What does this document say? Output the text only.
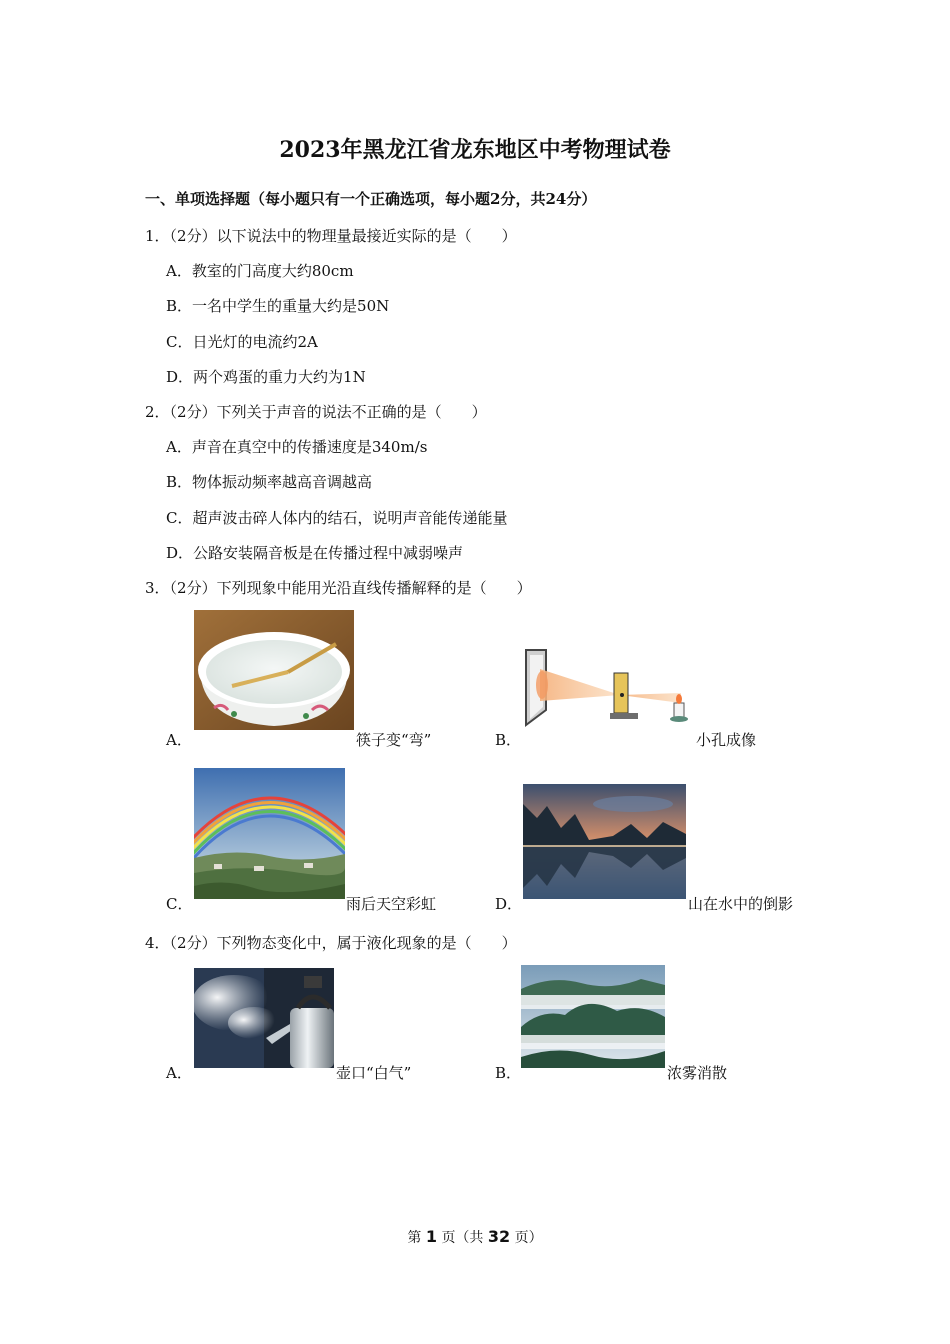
2023年黑龙江省龙东地区中考物理试卷
一、单项选择题（每小题只有一个正确选项，每小题2分，共24分）
1．（2分）以下说法中的物理量最接近实际的是（　　）
A．教室的门高度大约80cm
B．一名中学生的重量大约是50N
C．日光灯的电流约2A
D．两个鸡蛋的重力大约为1N
2．（2分）下列关于声音的说法不正确的是（　　）
A．声音在真空中的传播速度是340m/s
B．物体振动频率越高音调越高
C．超声波击碎人体内的结石，说明声音能传递能量
D．公路安装隔音板是在传播过程中减弱噪声
3．（2分）下列现象中能用光沿直线传播解释的是（　　）
A．	筷子变“弯”	B．	小孔成像
C．	雨后天空彩虹	D．	山在水中的倒影
4．（2分）下列物态变化中，属于液化现象的是（　　）
A．	壶口“白气”	B．	浓雾消散
第 1 页（共 32 页）
